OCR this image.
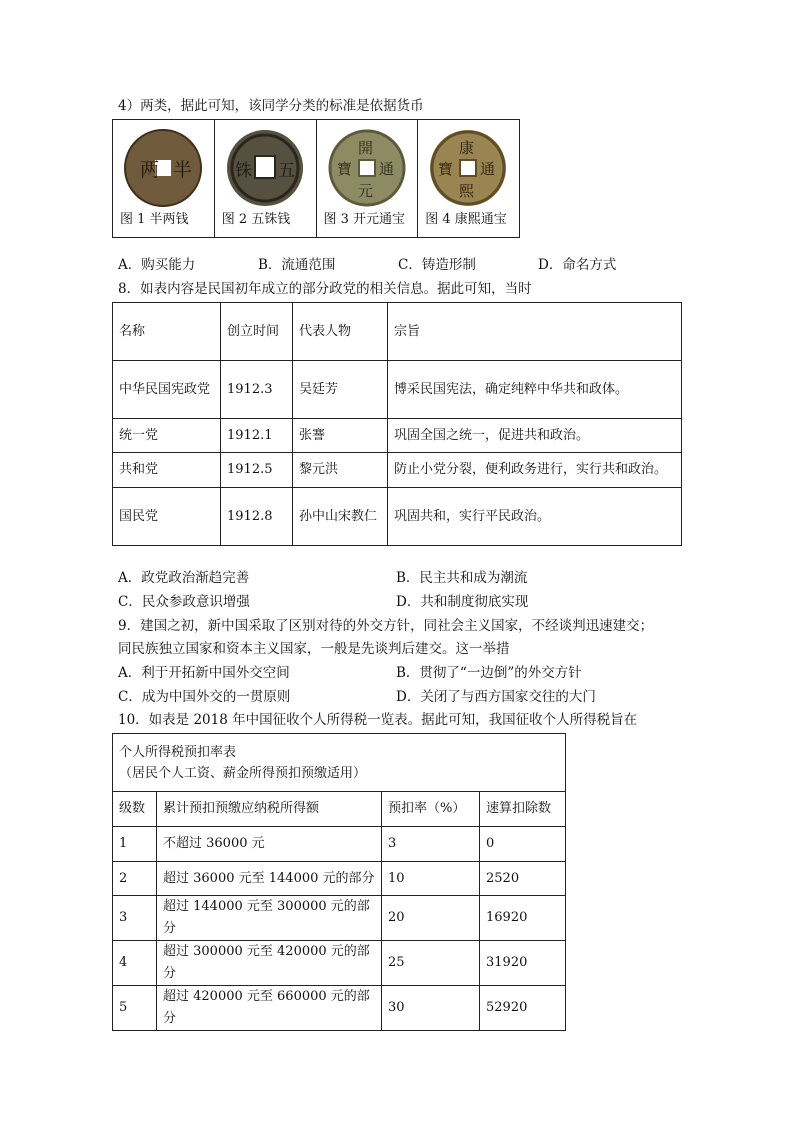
4）两类，据此可知，该同学分类的标准是依据货币
两 半
图 1 半两钱
铢 五
图 2 五铢钱
開
通
元
寶
图 3 开元通宝
康
通
熙
寶
图 4 康熙通宝
A．购买能力	B．流通范围	C．铸造形制	D．命名方式
8．如表内容是民国初年成立的部分政党的相关信息。据此可知，当时
名称	创立时间	代表人物	宗旨
中华民国宪政党	1912.3	吴廷芳	博采民国宪法，确定纯粹中华共和政体。
统一党	1912.1	张謇	巩固全国之统一，促进共和政治。
共和党	1912.5	黎元洪	防止小党分裂，便利政务进行，实行共和政治。
国民党	1912.8	孙中山宋教仁	巩固共和，实行平民政治。
A．政党政治渐趋完善	B．民主共和成为潮流
C．民众参政意识增强	D．共和制度彻底实现
9．建国之初，新中国采取了区别对待的外交方针，同社会主义国家，不经谈判迅速建交；
同民族独立国家和资本主义国家，一般是先谈判后建交。这一举措
A．利于开拓新中国外交空间	B．贯彻了“一边倒”的外交方针
C．成为中国外交的一贯原则	D．关闭了与西方国家交往的大门
10．如表是 2018 年中国征收个人所得税一览表。据此可知，我国征收个人所得税旨在
个人所得税预扣率表
（居民个人工资、薪金所得预扣预缴适用）			

级数	累计预扣预缴应纳税所得额	预扣率（%）	速算扣除数
1	不超过 36000 元	3	0
2	超过 36000 元至 144000 元的部分	10	2520
3	超过 144000 元至 300000 元的部分	20	16920
4	超过 300000 元至 420000 元的部分	25	31920
5	超过 420000 元至 660000 元的部分	30	52920
